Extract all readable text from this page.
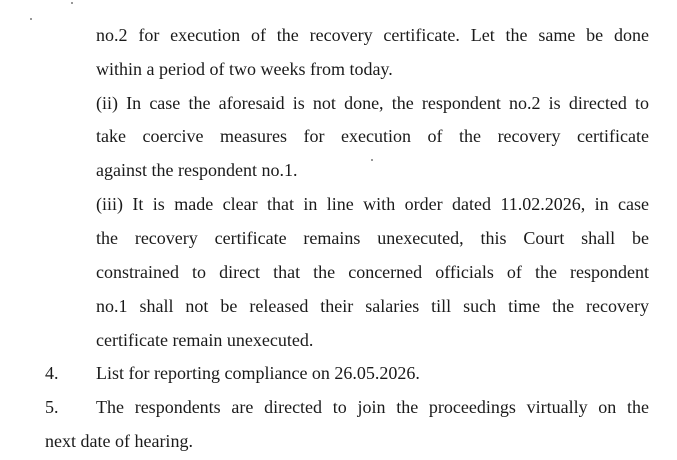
no.2 for execution of the recovery certificate. Let the same be done
within a period of two weeks from today.
(ii) In case the aforesaid is not done, the respondent no.2 is directed to
take coercive measures for execution of the recovery certificate
against the respondent no.1.
(iii) It is made clear that in line with order dated 11.02.2026, in case
the recovery certificate remains unexecuted, this Court shall be
constrained to direct that the concerned officials of the respondent
no.1 shall not be released their salaries till such time the recovery
certificate remain unexecuted.
4. List for reporting compliance on 26.05.2026.
5. The respondents are directed to join the proceedings virtually on the
next date of hearing.
